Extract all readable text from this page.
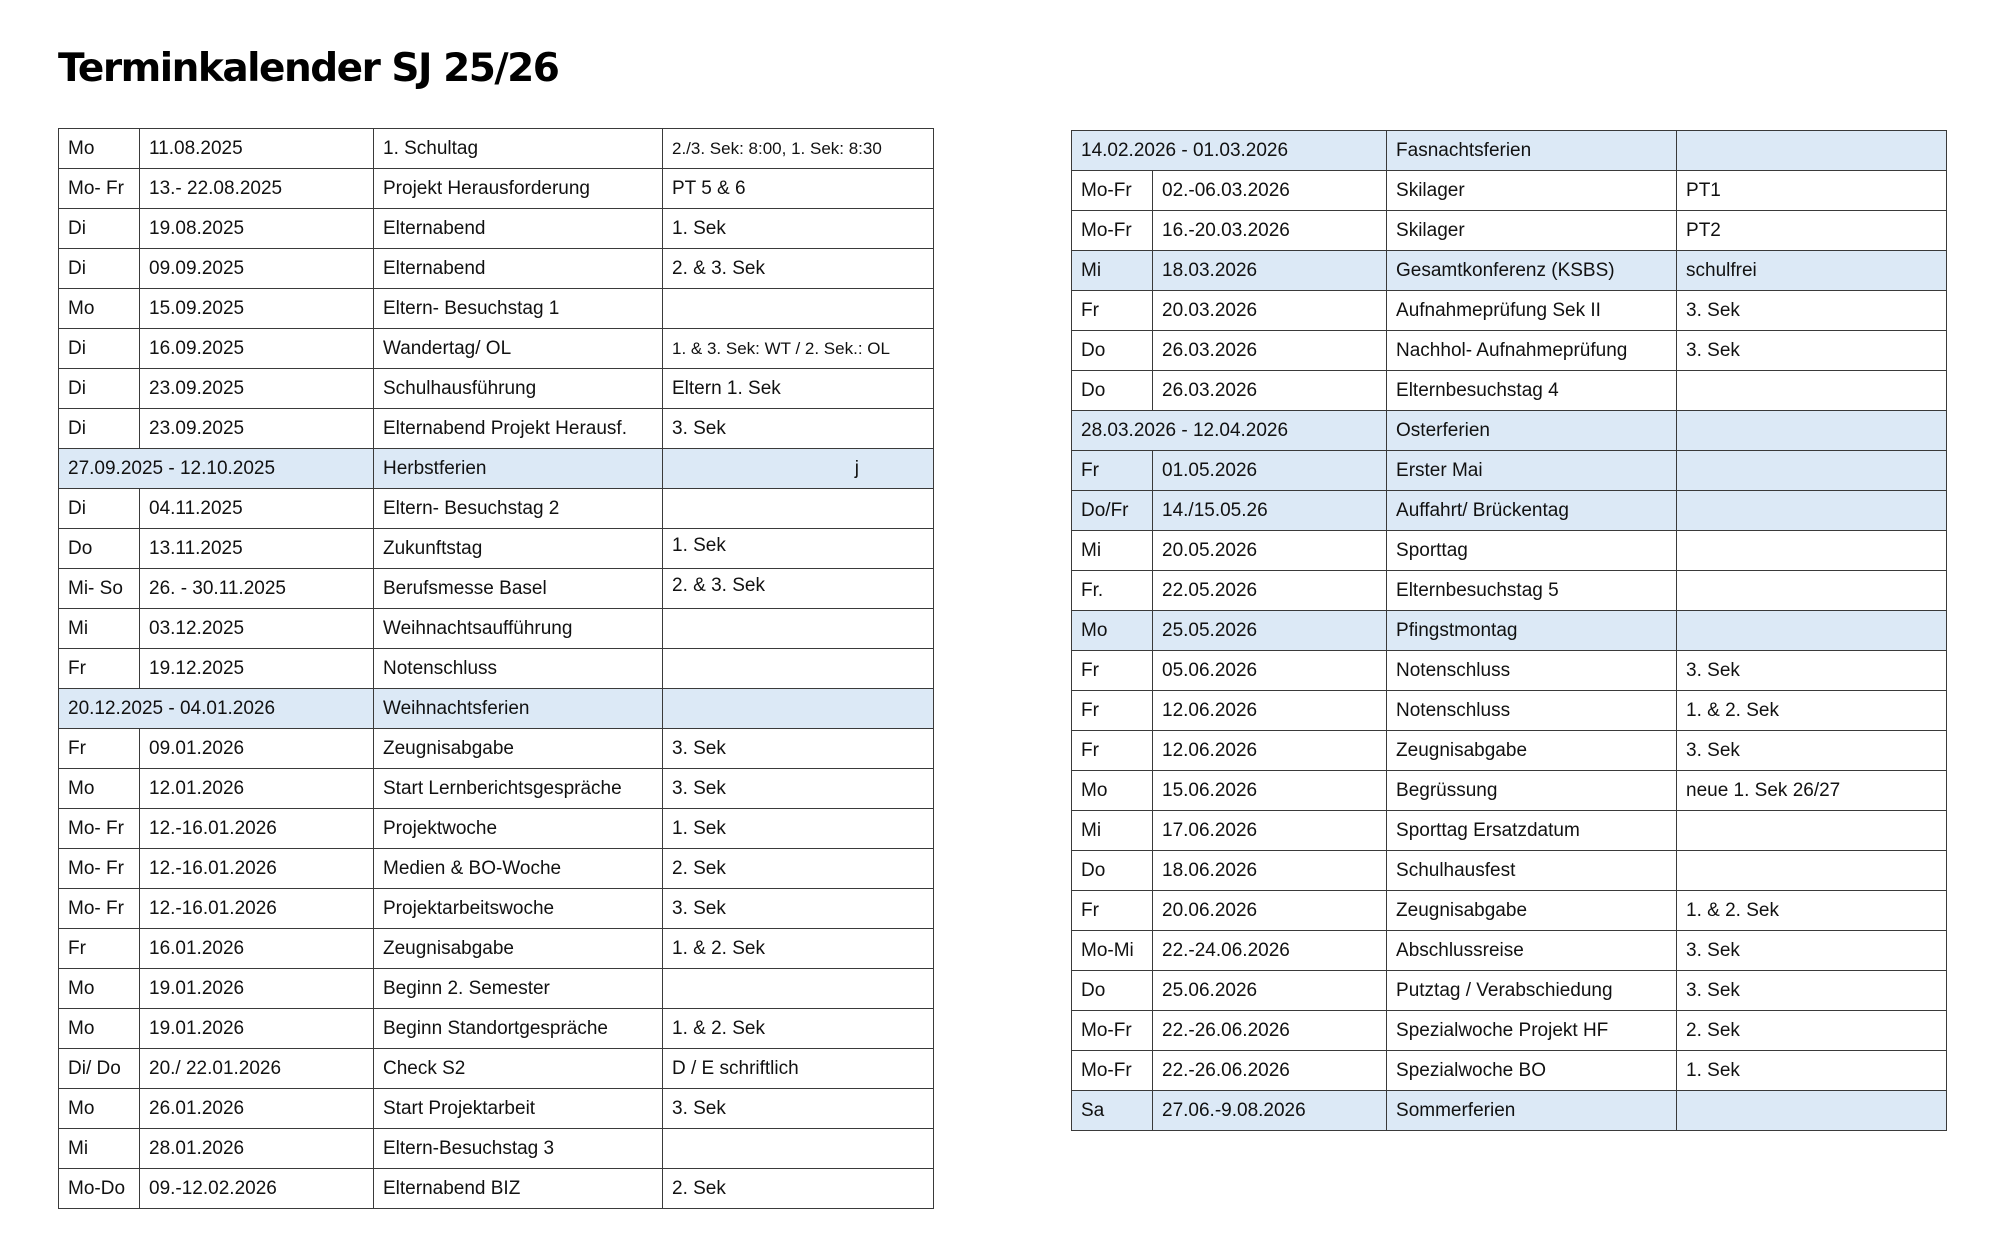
Terminkalender SJ 25/26
Mo	11.08.2025	1. Schultag	2./3. Sek: 8:00, 1. Sek: 8:30
Mo- Fr	13.- 22.08.2025	Projekt Herausforderung	PT 5 & 6
Di	19.08.2025	Elternabend	1. Sek
Di	09.09.2025	Elternabend	2. & 3. Sek
Mo	15.09.2025	Eltern- Besuchstag 1	
Di	16.09.2025	Wandertag/ OL	1. & 3. Sek: WT / 2. Sek.: OL
Di	23.09.2025	Schulhausführung	Eltern 1. Sek
Di	23.09.2025	Elternabend Projekt Herausf.	3. Sek
27.09.2025 - 12.10.2025		Herbstferien	j
Di	04.11.2025	Eltern- Besuchstag 2	
Do	13.11.2025	Zukunftstag	1. Sek
Mi- So	26. - 30.11.2025	Berufsmesse Basel	2. & 3. Sek
Mi	03.12.2025	Weihnachtsaufführung	
Fr	19.12.2025	Notenschluss	
20.12.2025 - 04.01.2026		Weihnachtsferien	
Fr	09.01.2026	Zeugnisabgabe	3. Sek
Mo	12.01.2026	Start Lernberichtsgespräche	3. Sek
Mo- Fr	12.-16.01.2026	Projektwoche	1. Sek
Mo- Fr	12.-16.01.2026	Medien & BO-Woche	2. Sek
Mo- Fr	12.-16.01.2026	Projektarbeitswoche	3. Sek
Fr	16.01.2026	Zeugnisabgabe	1. & 2. Sek
Mo	19.01.2026	Beginn 2. Semester	
Mo	19.01.2026	Beginn Standortgespräche	1. & 2. Sek
Di/ Do	20./ 22.01.2026	Check S2	D / E schriftlich
Mo	26.01.2026	Start Projektarbeit	3. Sek
Mi	28.01.2026	Eltern-Besuchstag 3	
Mo-Do	09.-12.02.2026	Elternabend BIZ	2. Sek
14.02.2026 - 01.03.2026		Fasnachtsferien	
Mo-Fr	02.-06.03.2026	Skilager	PT1
Mo-Fr	16.-20.03.2026	Skilager	PT2
Mi	18.03.2026	Gesamtkonferenz (KSBS)	schulfrei
Fr	20.03.2026	Aufnahmeprüfung Sek II	3. Sek
Do	26.03.2026	Nachhol- Aufnahmeprüfung	3. Sek
Do	26.03.2026	Elternbesuchstag 4	
28.03.2026 - 12.04.2026		Osterferien	
Fr	01.05.2026	Erster Mai	
Do/Fr	14./15.05.26	Auffahrt/ Brückentag	
Mi	20.05.2026	Sporttag	
Fr.	22.05.2026	Elternbesuchstag 5	
Mo	25.05.2026	Pfingstmontag	
Fr	05.06.2026	Notenschluss	3. Sek
Fr	12.06.2026	Notenschluss	1. & 2. Sek
Fr	12.06.2026	Zeugnisabgabe	3. Sek
Mo	15.06.2026	Begrüssung	neue 1. Sek 26/27
Mi	17.06.2026	Sporttag Ersatzdatum	
Do	18.06.2026	Schulhausfest	
Fr	20.06.2026	Zeugnisabgabe	1. & 2. Sek
Mo-Mi	22.-24.06.2026	Abschlussreise	3. Sek
Do	25.06.2026	Putztag / Verabschiedung	3. Sek
Mo-Fr	22.-26.06.2026	Spezialwoche Projekt HF	2. Sek
Mo-Fr	22.-26.06.2026	Spezialwoche BO	1. Sek
Sa	27.06.-9.08.2026	Sommerferien	
